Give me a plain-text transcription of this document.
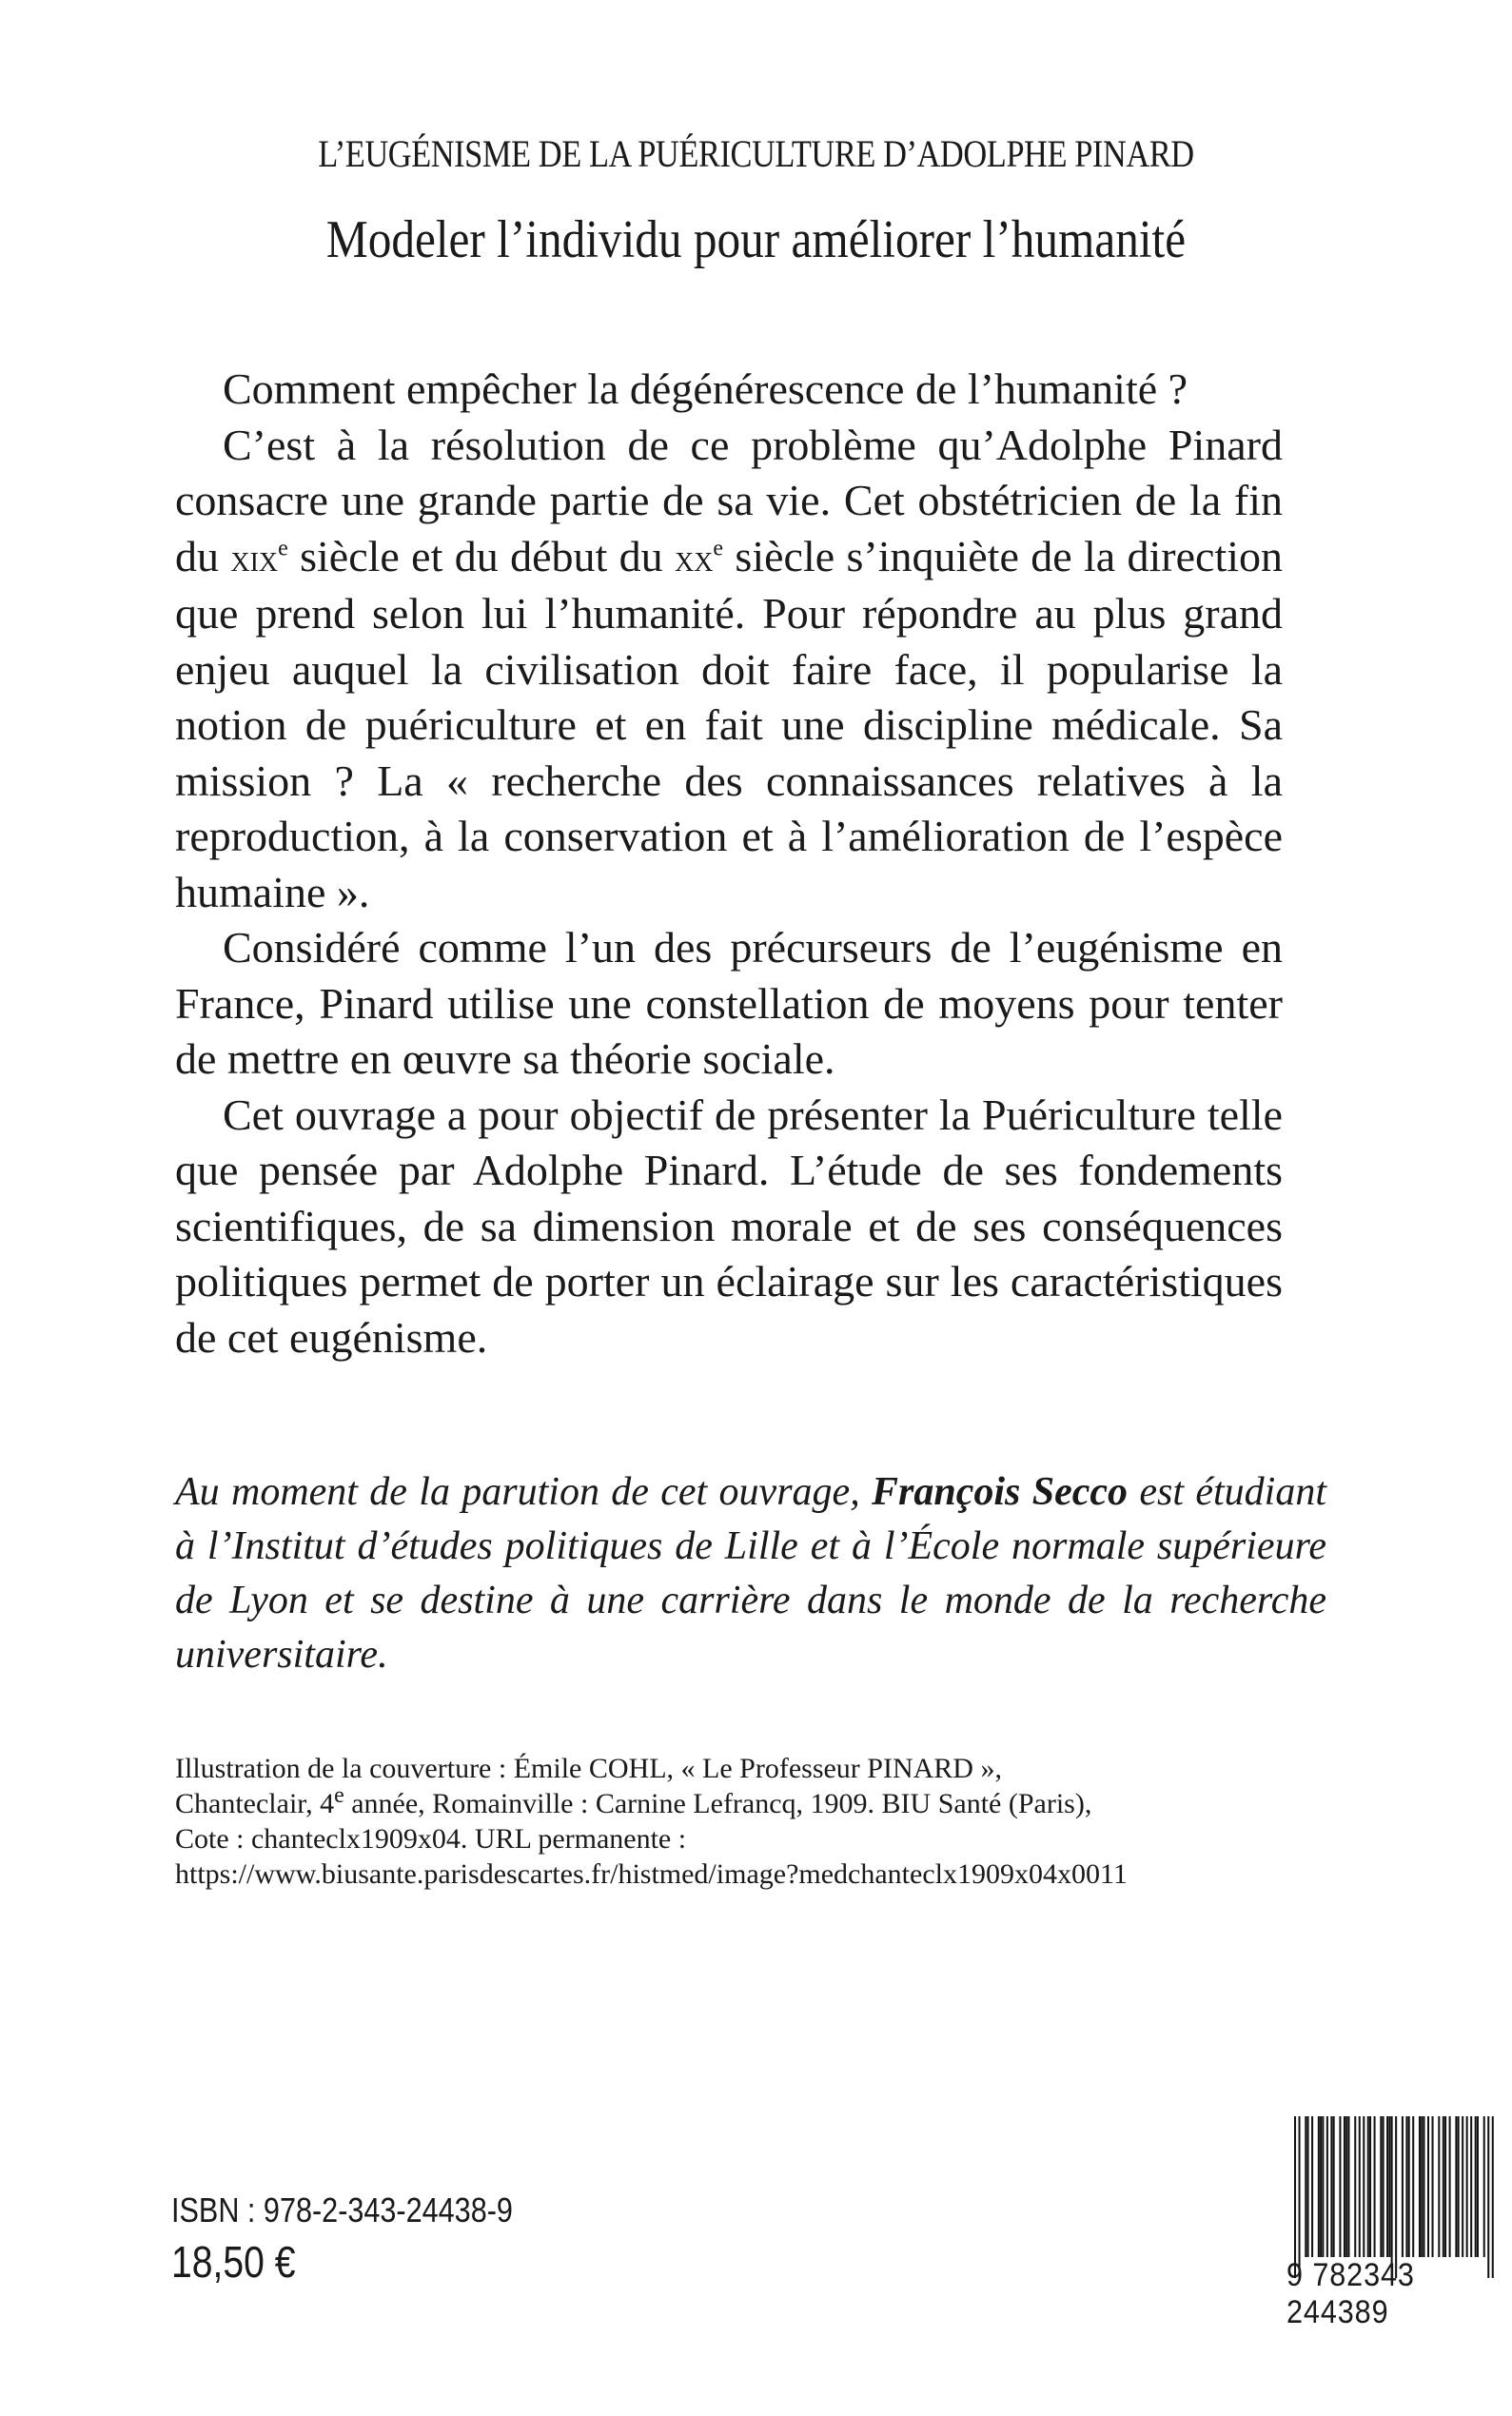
L’EUGÉNISME DE LA PUÉRICULTURE D’ADOLPHE PINARD
Modeler l’individu pour améliorer l’humanité

Comment empêcher la dégénérescence de l’humanité ?

C’est à la résolution de ce problème qu’Adolphe Pinard consacre une grande partie de sa vie. Cet obstétricien de la fin du xix$^e$ siècle et du début du $xx^e$ siècle s’inquiète de la direction que prend selon lui l’humanité. Pour répondre au plus grand enjeu auquel la civilisation doit faire face, il popularise la notion de puériculture et en fait une discipline médicale. Sa mission ? La « recherche des connaissances relatives à la reproduction, à la conservation et à l’amélioration de l’espèce humaine ».

Considéré comme l’un des précurseurs de l’eugénisme en France, Pinard utilise une constellation de moyens pour tenter de mettre en œuvre sa théorie sociale.

Cet ouvrage a pour objectif de présenter la Puériculture telle que pensée par Adolphe Pinard. L’étude de ses fondements scientifiques, de sa dimension morale et de ses conséquences politiques permet de porter un éclairage sur les caractéristiques de cet eugénisme.

Au moment de la parution de cet ouvrage, François Secco est étudiant à l’Institut d’études politiques de Lille et à l’École normale supérieure de Lyon et se destine à une carrière dans le monde de la recherche universitaire.
Illustration de la couverture : Émile COHL, « Le Professeur PINARD »,
Chanteclair, 4e année, Romainville : Carnine Lefrancq, 1909. BIU Santé (Paris),
Cote : chanteclx1909x04. URL permanente :
https://www.biusante.parisdescartes.fr/histmed/image?medchanteclx1909x04x0011
ISBN : 978-2-343-24438-9
18,50 €	9 782343 244389
